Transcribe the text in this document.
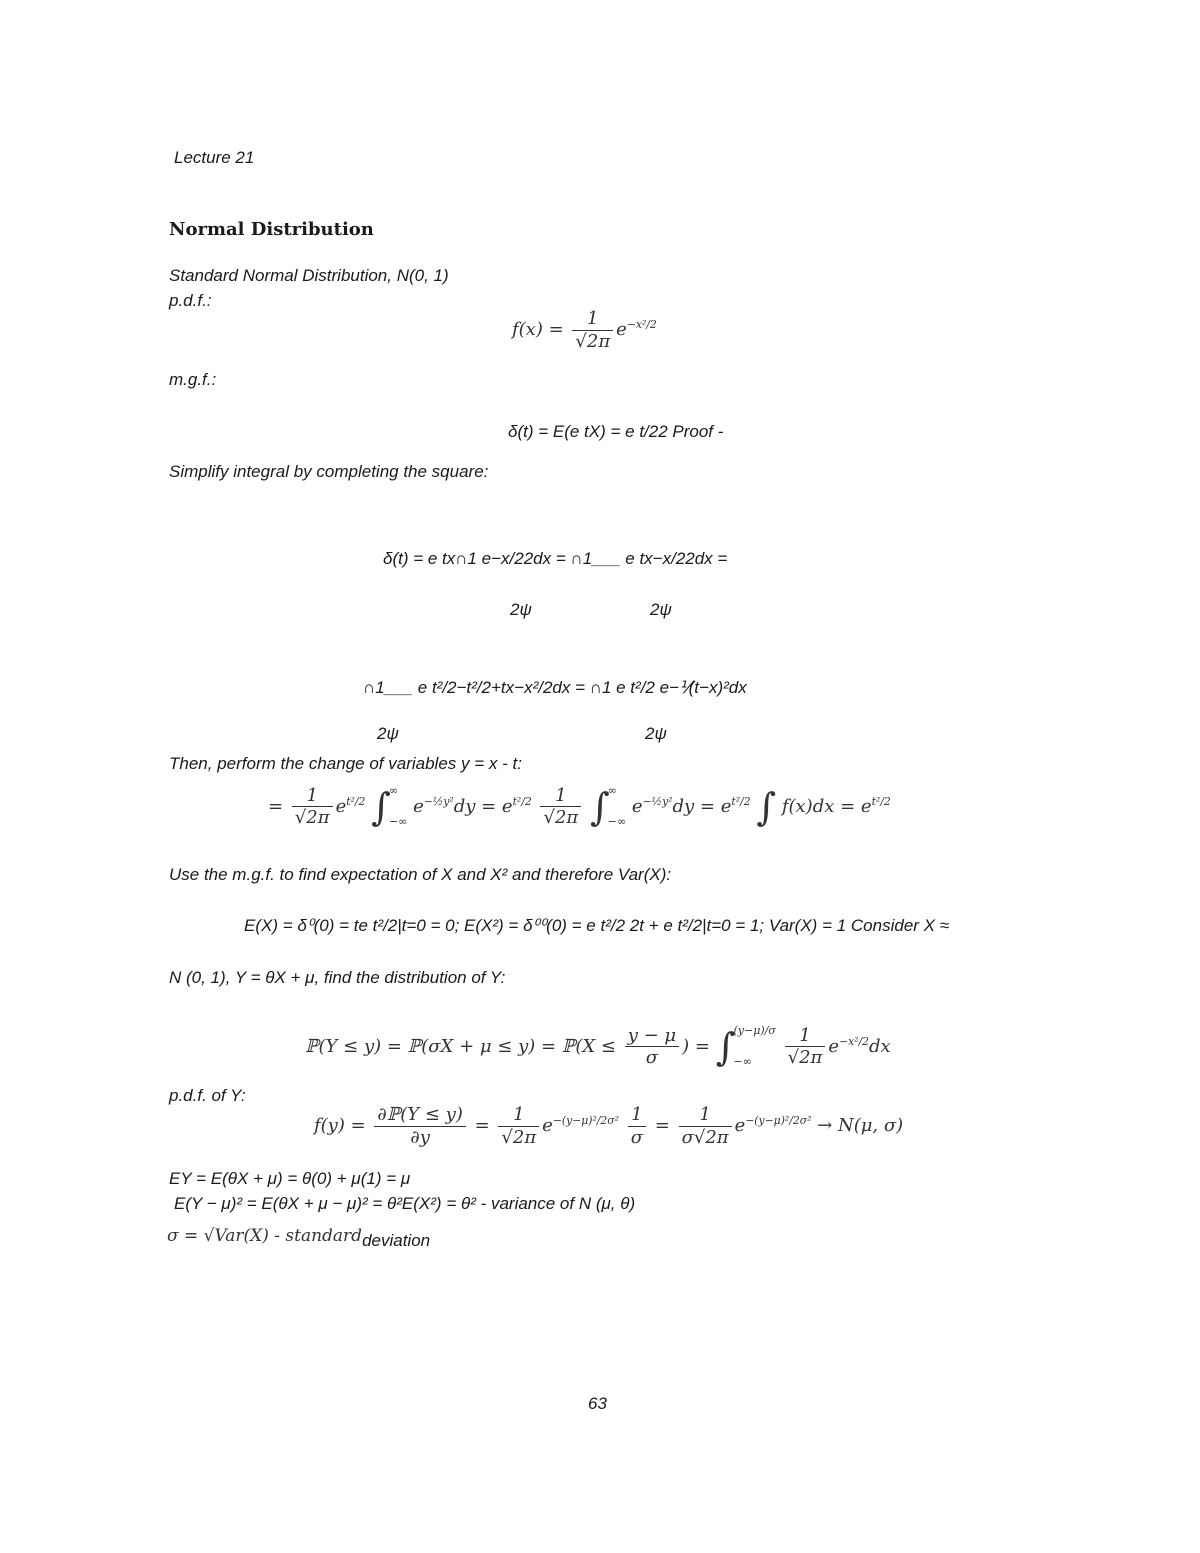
Lecture 21
Normal Distribution
Standard Normal Distribution, N(0, 1)
p.d.f.:
$f(x) = \frac{1}{√2\pi} e^{-x^2/2}$
m.g.f.:
δ(t) = E(e tX) = e t/22 Proof -
Simplify integral by completing the square:
δ(t) = e tx∩1 e−x/22dx = ∩1___ e tx−x/22dx =
2ψ	2ψ
∩1___ e t²/2−t²/2+tx−x²/2dx = ∩1 e t²/2 e−⅟(t−x)²dx
2ψ	2ψ
Then, perform the change of variables y = x - t:
= $\frac{1}{√2\pi} e^{t^2/2}$ ∫∞
−∞ $e^{-\frac{1}{2}y^2}dy = e^{t^2/2} \frac{1}{√2\pi}$ ∫∞
−∞ $e^{-\frac{1}{2}y^2}dy = e^{t^2/2}$ ∫ $f(x)dx = e^{t^2/2}$
Use the m.g.f. to find expectation of X and X² and therefore Var(X):
E(X) = δ⁰(0) = te t²/2|t=0 = 0; E(X²) = δ⁰⁰(0) = e t²/2 2t + e t²/2|t=0 = 1; Var(X) = 1 Consider X ≈
N (0, 1), Y = θX + μ, find the distribution of Y:
ℙ(Y ≤ y) = ℙ(σX + μ ≤ y) = ℙ(X ≤ $\frac{y - \mu}{\sigma}$ ) = ∫(y−μ)/σ
−∞ $\frac{1}{√2\pi} e^{-x^2/2}dx$
p.d.f. of Y:
$f(y) = \frac{\text{∂ℙ(Y ≤ y)}}{\partial y} = \frac{1}{√2\pi} e^{-(y-\mu)^2/2\sigma^2} \frac{1}{\sigma} = \frac{1}{\sigma√2\pi} e^{-(y-\mu)^2/2\sigma^2} \to N(\mu$, σ)
EY = E(θX + μ) = θ(0) + μ(1) = μ
E(Y − μ)² = E(θX + μ − μ)² = θ²E(X²) = θ² - variance of N (μ, θ)
σ = √Var(X) - standarddeviation
63
